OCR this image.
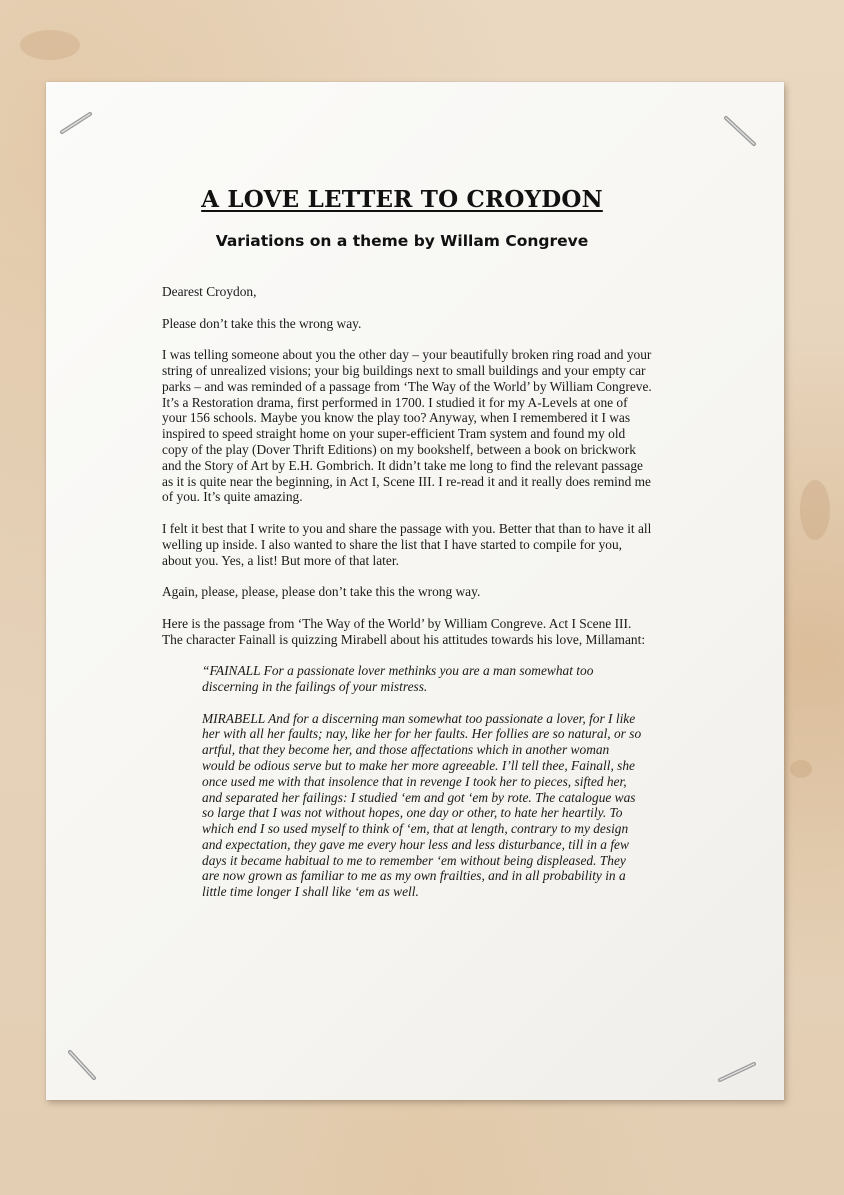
A LOVE LETTER TO CROYDON
Variations on a theme by Willam Congreve

Dearest Croydon,

Please don’t take this the wrong way.

I was telling someone about you the other day – your beautifully broken ring road and your string of unrealized visions; your big buildings next to small buildings and your empty car parks – and was reminded of a passage from ‘The Way of the World’ by William Congreve. It’s a Restoration drama, first performed in 1700. I studied it for my A-Levels at one of your 156 schools. Maybe you know the play too? Anyway, when I remembered it I was inspired to speed straight home on your super-efficient Tram system and found my old copy of the play (Dover Thrift Editions) on my bookshelf, between a book on brickwork and the Story of Art by E.H. Gombrich. It didn’t take me long to find the relevant passage as it is quite near the beginning, in Act I, Scene III. I re-read it and it really does remind me of you. It’s quite amazing.

I felt it best that I write to you and share the passage with you. Better that than to have it all welling up inside. I also wanted to share the list that I have started to compile for you, about you. Yes, a list! But more of that later.

Again, please, please, please don’t take this the wrong way.

Here is the passage from ‘The Way of the World’ by William Congreve. Act I Scene III. The character Fainall is quizzing Mirabell about his attitudes towards his love, Millamant:

“FAINALL For a passionate lover methinks you are a man somewhat too discerning in the failings of your mistress.

MIRABELL And for a discerning man somewhat too passionate a lover, for I like her with all her faults; nay, like her for her faults. Her follies are so natural, or so artful, that they become her, and those affectations which in another woman would be odious serve but to make her more agreeable. I’ll tell thee, Fainall, she once used me with that insolence that in revenge I took her to pieces, sifted her, and separated her failings: I studied ‘em and got ‘em by rote. The catalogue was so large that I was not without hopes, one day or other, to hate her heartily. To which end I so used myself to think of ‘em, that at length, contrary to my design and expectation, they gave me every hour less and less disturbance, till in a few days it became habitual to me to remember ‘em without being displeased. They are now grown as familiar to me as my own frailties, and in all probability in a little time longer I shall like ‘em as well.
